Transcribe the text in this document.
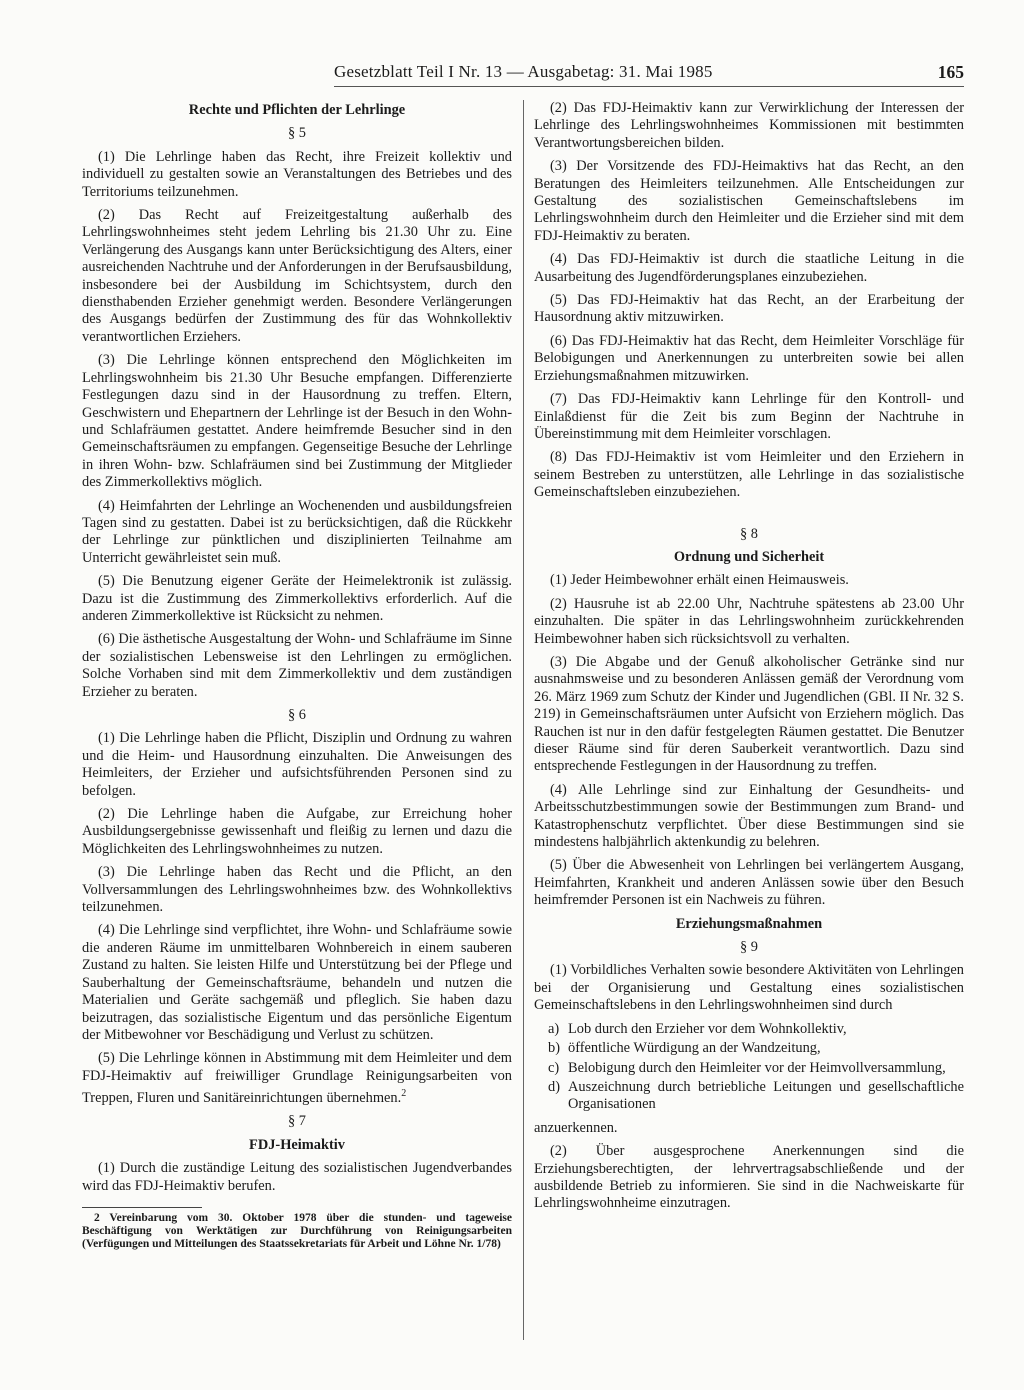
Gesetzblatt Teil I Nr. 13 — Ausgabetag: 31. Mai 1985	165
Rechte und Pflichten der Lehrlinge
§ 5

(1) Die Lehrlinge haben das Recht, ihre Freizeit kollektiv und individuell zu gestalten sowie an Veranstaltungen des Betriebes und des Territoriums teilzunehmen.

(2) Das Recht auf Freizeitgestaltung außerhalb des Lehrlingswohnheimes steht jedem Lehrling bis 21.30 Uhr zu. Eine Verlängerung des Ausgangs kann unter Berücksichtigung des Alters, einer ausreichenden Nachtruhe und der Anforderungen in der Berufsausbildung, insbesondere bei der Ausbildung im Schichtsystem, durch den diensthabenden Erzieher genehmigt werden. Besondere Verlängerungen des Ausgangs bedürfen der Zustimmung des für das Wohnkollektiv verantwortlichen Erziehers.

(3) Die Lehrlinge können entsprechend den Möglichkeiten im Lehrlingswohnheim bis 21.30 Uhr Besuche empfangen. Differenzierte Festlegungen dazu sind in der Hausordnung zu treffen. Eltern, Geschwistern und Ehepartnern der Lehrlinge ist der Besuch in den Wohn- und Schlafräumen gestattet. Andere heimfremde Besucher sind in den Gemeinschaftsräumen zu empfangen. Gegenseitige Besuche der Lehrlinge in ihren Wohn- bzw. Schlafräumen sind bei Zustimmung der Mitglieder des Zimmerkollektivs möglich.

(4) Heimfahrten der Lehrlinge an Wochenenden und ausbildungsfreien Tagen sind zu gestatten. Dabei ist zu berücksichtigen, daß die Rückkehr der Lehrlinge zur pünktlichen und disziplinierten Teilnahme am Unterricht gewährleistet sein muß.

(5) Die Benutzung eigener Geräte der Heimelektronik ist zulässig. Dazu ist die Zustimmung des Zimmerkollektivs erforderlich. Auf die anderen Zimmerkollektive ist Rücksicht zu nehmen.

(6) Die ästhetische Ausgestaltung der Wohn- und Schlafräume im Sinne der sozialistischen Lebensweise ist den Lehrlingen zu ermöglichen. Solche Vorhaben sind mit dem Zimmerkollektiv und dem zuständigen Erzieher zu beraten.

§ 6

(1) Die Lehrlinge haben die Pflicht, Disziplin und Ordnung zu wahren und die Heim- und Hausordnung einzuhalten. Die Anweisungen des Heimleiters, der Erzieher und aufsichtsführenden Personen sind zu befolgen.

(2) Die Lehrlinge haben die Aufgabe, zur Erreichung hoher Ausbildungsergebnisse gewissenhaft und fleißig zu lernen und dazu die Möglichkeiten des Lehrlingswohnheimes zu nutzen.

(3) Die Lehrlinge haben das Recht und die Pflicht, an den Vollversammlungen des Lehrlingswohnheimes bzw. des Wohnkollektivs teilzunehmen.

(4) Die Lehrlinge sind verpflichtet, ihre Wohn- und Schlafräume sowie die anderen Räume im unmittelbaren Wohnbereich in einem sauberen Zustand zu halten. Sie leisten Hilfe und Unterstützung bei der Pflege und Sauberhaltung der Gemeinschaftsräume, behandeln und nutzen die Materialien und Geräte sachgemäß und pfleglich. Sie haben dazu beizutragen, das sozialistische Eigentum und das persönliche Eigentum der Mitbewohner vor Beschädigung und Verlust zu schützen.

(5) Die Lehrlinge können in Abstimmung mit dem Heimleiter und dem FDJ-Heimaktiv auf freiwilliger Grundlage Reinigungsarbeiten von Treppen, Fluren und Sanitäreinrichtungen übernehmen.$^2$

§ 7
FDJ-Heimaktiv

(1) Durch die zuständige Leitung des sozialistischen Jugendverbandes wird das FDJ-Heimaktiv berufen.

2 Vereinbarung vom 30. Oktober 1978 über die stunden- und tageweise Beschäftigung von Werktätigen zur Durchführung von Reinigungsarbeiten (Verfügungen und Mitteilungen des Staatssekretariats für Arbeit und Löhne Nr. 1/78)

(2) Das FDJ-Heimaktiv kann zur Verwirklichung der Interessen der Lehrlinge des Lehrlingswohnheimes Kommissionen mit bestimmten Verantwortungsbereichen bilden.

(3) Der Vorsitzende des FDJ-Heimaktivs hat das Recht, an den Beratungen des Heimleiters teilzunehmen. Alle Entscheidungen zur Gestaltung des sozialistischen Gemeinschaftslebens im Lehrlingswohnheim durch den Heimleiter und die Erzieher sind mit dem FDJ-Heimaktiv zu beraten.

(4) Das FDJ-Heimaktiv ist durch die staatliche Leitung in die Ausarbeitung des Jugendförderungsplanes einzubeziehen.

(5) Das FDJ-Heimaktiv hat das Recht, an der Erarbeitung der Hausordnung aktiv mitzuwirken.

(6) Das FDJ-Heimaktiv hat das Recht, dem Heimleiter Vorschläge für Belobigungen und Anerkennungen zu unterbreiten sowie bei allen Erziehungsmaßnahmen mitzuwirken.

(7) Das FDJ-Heimaktiv kann Lehrlinge für den Kontroll- und Einlaßdienst für die Zeit bis zum Beginn der Nachtruhe in Übereinstimmung mit dem Heimleiter vorschlagen.

(8) Das FDJ-Heimaktiv ist vom Heimleiter und den Erziehern in seinem Bestreben zu unterstützen, alle Lehrlinge in das sozialistische Gemeinschaftsleben einzubeziehen.

§ 8
Ordnung und Sicherheit

(1) Jeder Heimbewohner erhält einen Heimausweis.

(2) Hausruhe ist ab 22.00 Uhr, Nachtruhe spätestens ab 23.00 Uhr einzuhalten. Die später in das Lehrlingswohnheim zurückkehrenden Heimbewohner haben sich rücksichtsvoll zu verhalten.

(3) Die Abgabe und der Genuß alkoholischer Getränke sind nur ausnahmsweise und zu besonderen Anlässen gemäß der Verordnung vom 26. März 1969 zum Schutz der Kinder und Jugendlichen (GBl. II Nr. 32 S. 219) in Gemeinschaftsräumen unter Aufsicht von Erziehern möglich. Das Rauchen ist nur in den dafür festgelegten Räumen gestattet. Die Benutzer dieser Räume sind für deren Sauberkeit verantwortlich. Dazu sind entsprechende Festlegungen in der Hausordnung zu treffen.

(4) Alle Lehrlinge sind zur Einhaltung der Gesundheits- und Arbeitsschutzbestimmungen sowie der Bestimmungen zum Brand- und Katastrophenschutz verpflichtet. Über diese Bestimmungen sind sie mindestens halbjährlich aktenkundig zu belehren.

(5) Über die Abwesenheit von Lehrlingen bei verlängertem Ausgang, Heimfahrten, Krankheit und anderen Anlässen sowie über den Besuch heimfremder Personen ist ein Nachweis zu führen.

Erziehungsmaßnahmen
§ 9

(1) Vorbildliches Verhalten sowie besondere Aktivitäten von Lehrlingen bei der Organisierung und Gestaltung eines sozialistischen Gemeinschaftslebens in den Lehrlingswohnheimen sind durch

a) Lob durch den Erzieher vor dem Wohnkollektiv,
b) öffentliche Würdigung an der Wandzeitung,
c) Belobigung durch den Heimleiter vor der Heimvollversammlung,
d) Auszeichnung durch betriebliche Leitungen und gesellschaftliche Organisationen

anzuerkennen.

(2) Über ausgesprochene Anerkennungen sind die Erziehungsberechtigten, der lehrvertragsabschließende und der ausbildende Betrieb zu informieren. Sie sind in die Nachweiskarte für Lehrlingswohnheime einzutragen.
